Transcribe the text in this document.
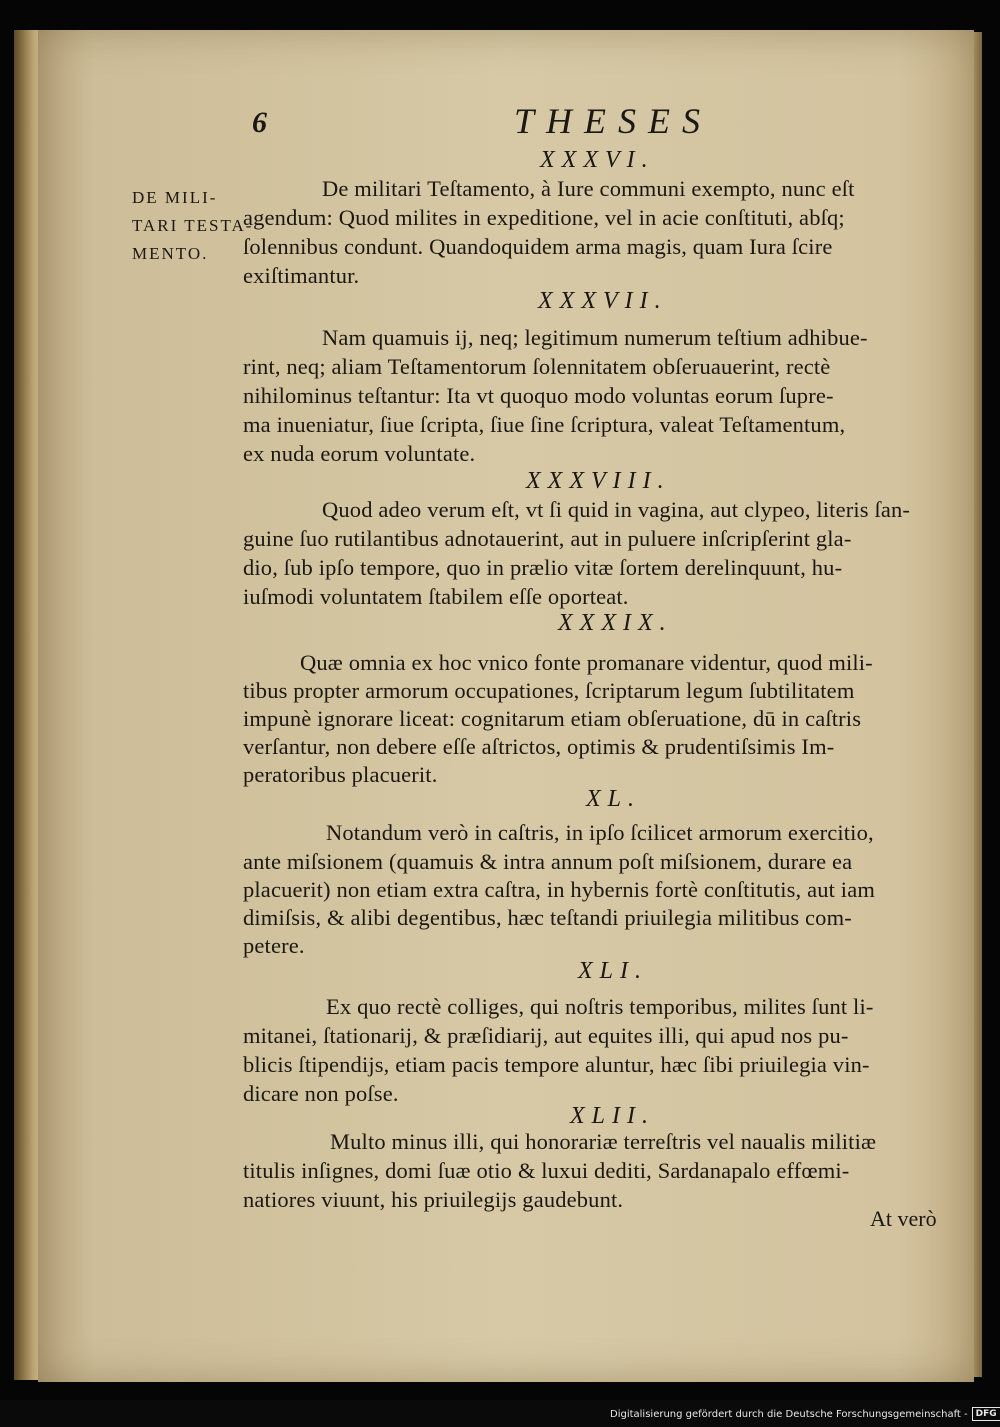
6	THESES
DE MILI-
TARI TESTA-
MENTO.
XXXVI.
De militari Teſtamento, à Iure communi exempto, nunc eſt
agendum: Quod milites in expeditione, vel in acie conſtituti, abſq;
ſolennibus condunt. Quandoquidem arma magis, quam Iura ſcire
exiſtimantur.
XXXVII.
Nam quamuis ij, neq; legitimum numerum teſtium adhibue-
rint, neq; aliam Teſtamentorum ſolennitatem obſeruauerint, rectè
nihilominus teſtantur: Ita vt quoquo modo voluntas eorum ſupre-
ma inueniatur, ſiue ſcripta, ſiue ſine ſcriptura, valeat Teſtamentum,
ex nuda eorum voluntate.
XXXVIII.
Quod adeo verum eſt, vt ſi quid in vagina, aut clypeo, literis ſan-
guine ſuo rutilantibus adnotauerint, aut in puluere inſcripſerint gla-
dio, ſub ipſo tempore, quo in prælio vitæ ſortem derelinquunt, hu-
iuſmodi voluntatem ſtabilem eſſe oporteat.
XXXIX.
Quæ omnia ex hoc vnico fonte promanare videntur, quod mili-
tibus propter armorum occupationes, ſcriptarum legum ſubtilitatem
impunè ignorare liceat: cognitarum etiam obſeruatione, dū in caſtris
verſantur, non debere eſſe aſtrictos, optimis & prudentiſsimis Im-
peratoribus placuerit.
XL.
Notandum verò in caſtris, in ipſo ſcilicet armorum exercitio,
ante miſsionem (quamuis & intra annum poſt miſsionem, durare ea
placuerit) non etiam extra caſtra, in hybernis fortè conſtitutis, aut iam
dimiſsis, & alibi degentibus, hæc teſtandi priuilegia militibus com-
petere.
XLI.
Ex quo rectè colliges, qui noſtris temporibus, milites ſunt li-
mitanei, ſtationarij, & præſidiarij, aut equites illi, qui apud nos pu-
blicis ſtipendijs, etiam pacis tempore aluntur, hæc ſibi priuilegia vin-
dicare non poſse.
XLII.
Multo minus illi, qui honorariæ terreſtris vel naualis militiæ
titulis inſignes, domi ſuæ otio & luxui dediti, Sardanapalo effœmi-
natiores viuunt, his priuilegijs gaudebunt.
At verò
Digitalisierung gefördert durch die Deutsche Forschungsgemeinschaft - DFG
